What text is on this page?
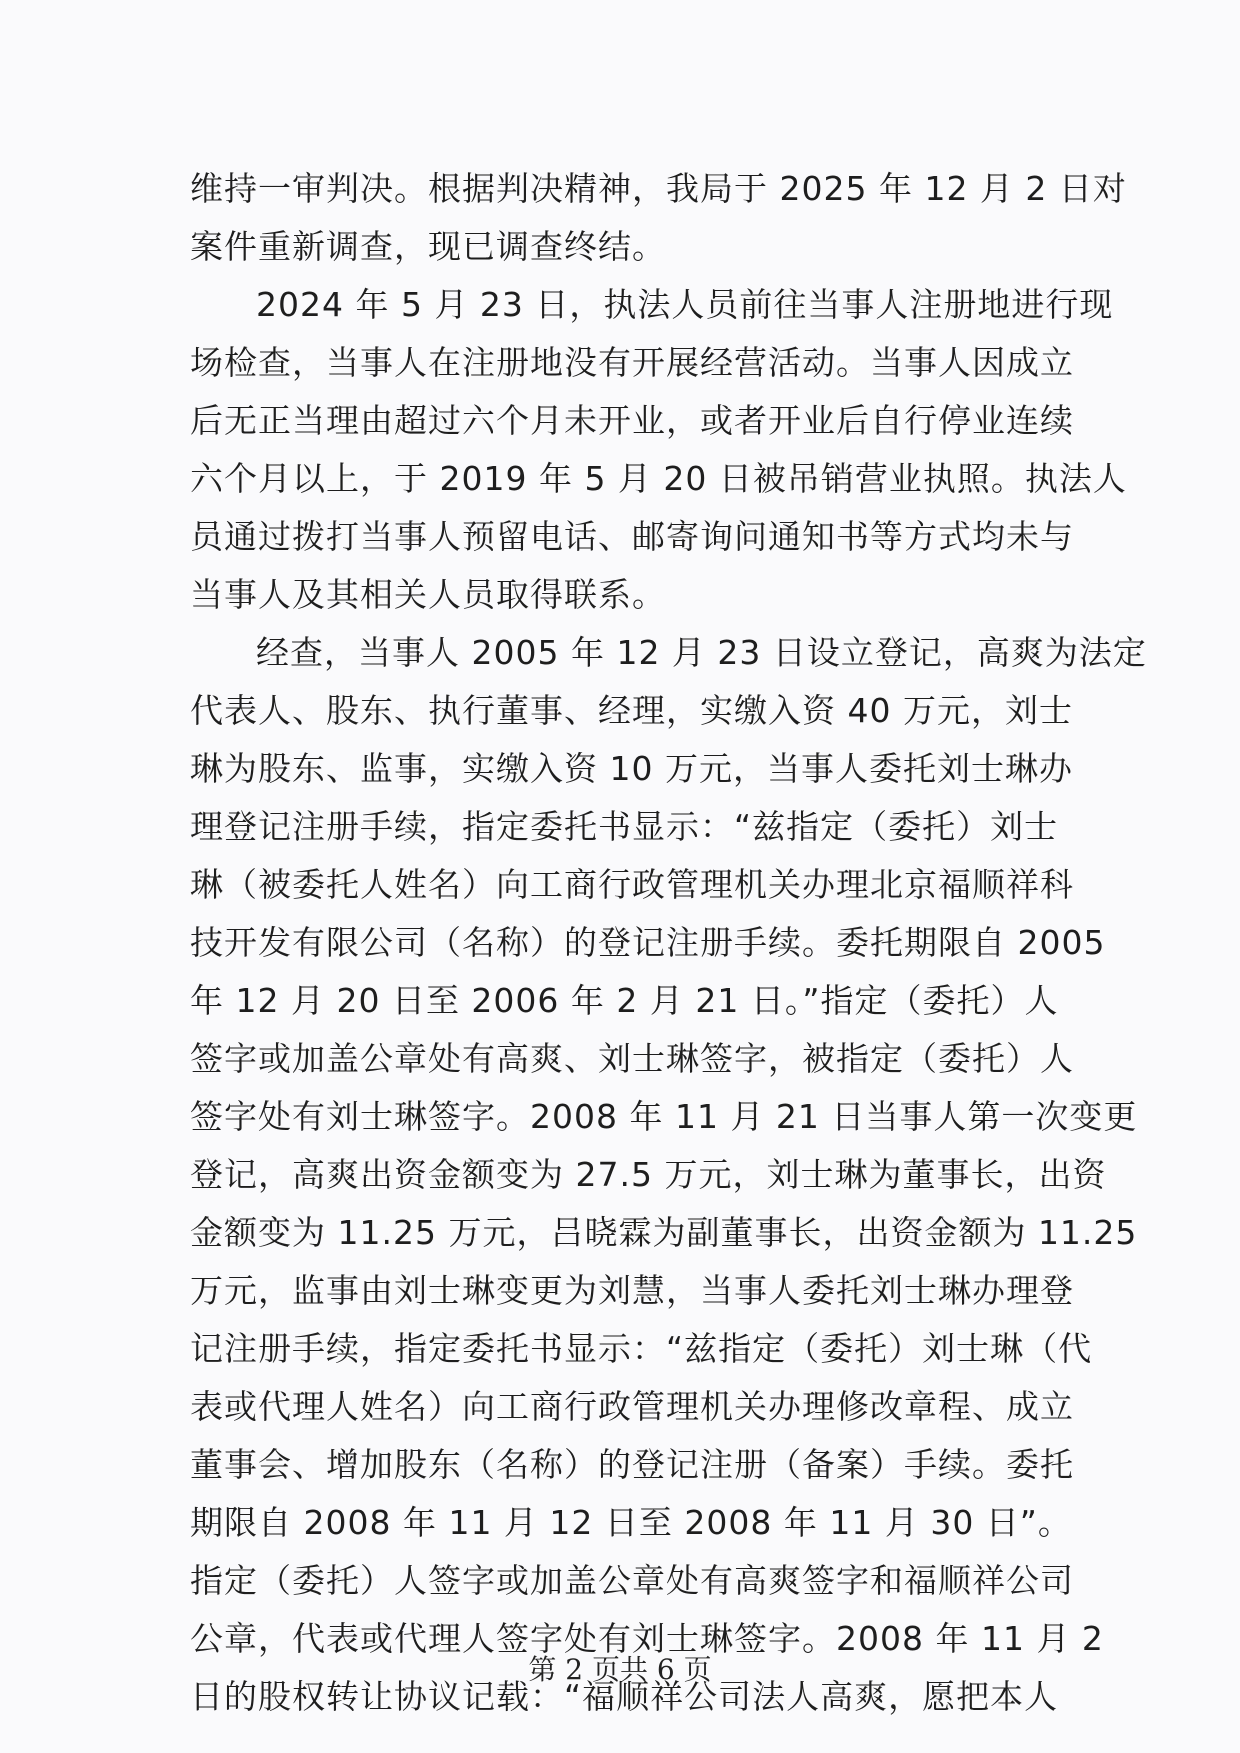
维持一审判决。根据判决精神，我局于 2025 年 12 月 2 日对
案件重新调查，现已调查终结。
2024 年 5 月 23 日，执法人员前往当事人注册地进行现
场检查，当事人在注册地没有开展经营活动。当事人因成立
后无正当理由超过六个月未开业，或者开业后自行停业连续
六个月以上，于 2019 年 5 月 20 日被吊销营业执照。执法人
员通过拨打当事人预留电话、邮寄询问通知书等方式均未与
当事人及其相关人员取得联系。
经查，当事人 2005 年 12 月 23 日设立登记，高爽为法定
代表人、股东、执行董事、经理，实缴入资 40 万元，刘士
琳为股东、监事，实缴入资 10 万元，当事人委托刘士琳办
理登记注册手续，指定委托书显示：“兹指定（委托）刘士
琳（被委托人姓名）向工商行政管理机关办理北京福顺祥科
技开发有限公司（名称）的登记注册手续。委托期限自 2005
年 12 月 20 日至 2006 年 2 月 21 日。”指定（委托）人
签字或加盖公章处有高爽、刘士琳签字，被指定（委托）人
签字处有刘士琳签字。2008 年 11 月 21 日当事人第一次变更
登记，高爽出资金额变为 27.5 万元，刘士琳为董事长，出资
金额变为 11.25 万元，吕晓霖为副董事长，出资金额为 11.25
万元，监事由刘士琳变更为刘慧，当事人委托刘士琳办理登
记注册手续，指定委托书显示：“兹指定（委托）刘士琳（代
表或代理人姓名）向工商行政管理机关办理修改章程、成立
董事会、增加股东（名称）的登记注册（备案）手续。委托
期限自 2008 年 11 月 12 日至 2008 年 11 月 30 日”。
指定（委托）人签字或加盖公章处有高爽签字和福顺祥公司
公章，代表或代理人签字处有刘士琳签字。2008 年 11 月 2
日的股权转让协议记载：“福顺祥公司法人高爽，愿把本人
第 2 页共 6 页
